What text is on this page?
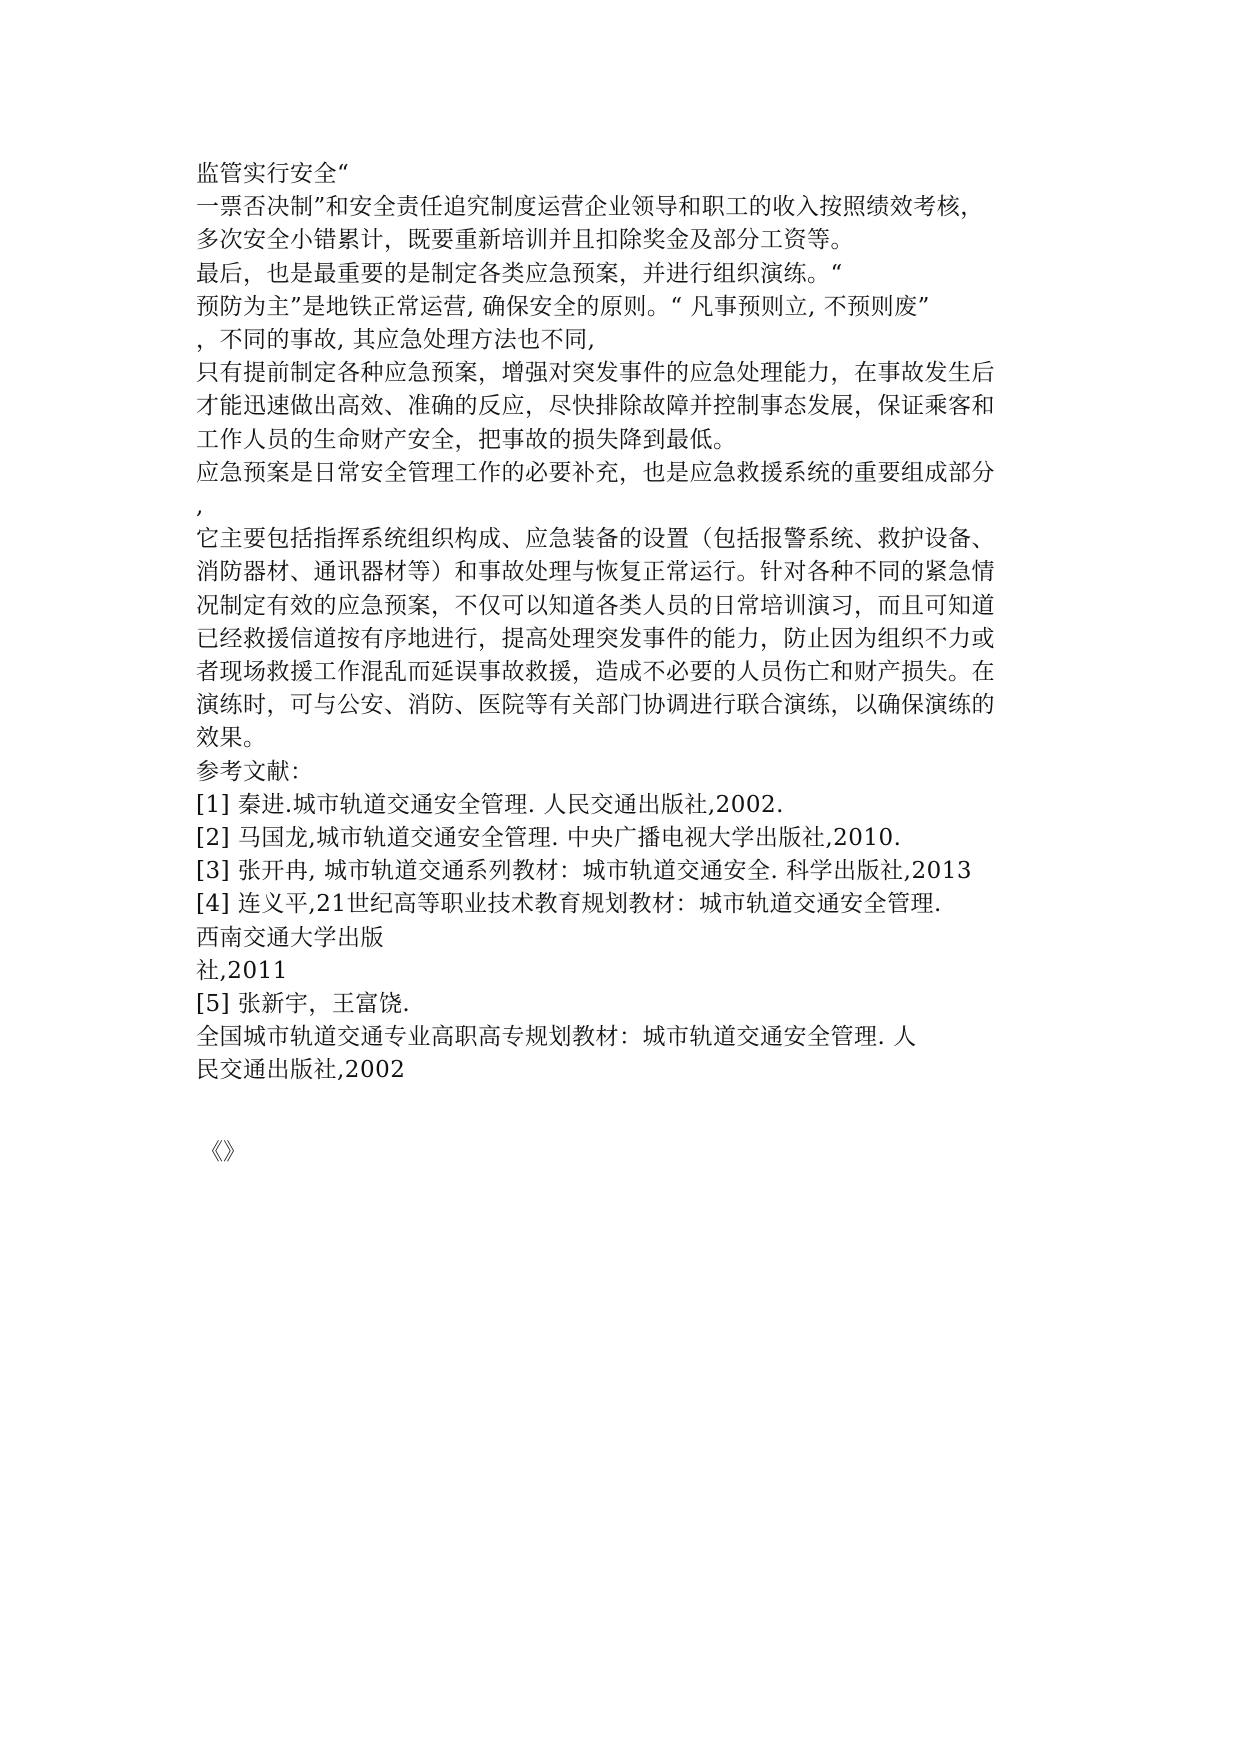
监管实行安全“
一票否决制”和安全责任追究制度运营企业领导和职工的收入按照绩效考核，
多次安全小错累计，既要重新培训并且扣除奖金及部分工资等。
最后，也是最重要的是制定各类应急预案，并进行组织演练。“
预防为主”是地铁正常运营, 确保安全的原则。“ 凡事预则立, 不预则废”
，不同的事故, 其应急处理方法也不同,
只有提前制定各种应急预案，增强对突发事件的应急处理能力，在事故发生后
才能迅速做出高效、准确的反应，尽快排除故障并控制事态发展，保证乘客和
工作人员的生命财产安全，把事故的损失降到最低。
应急预案是日常安全管理工作的必要补充，也是应急救援系统的重要组成部分
,
它主要包括指挥系统组织构成、应急装备的设置（包括报警系统、救护设备、
消防器材、通讯器材等）和事故处理与恢复正常运行。针对各种不同的紧急情
况制定有效的应急预案，不仅可以知道各类人员的日常培训演习，而且可知道
已经救援信道按有序地进行，提高处理突发事件的能力，防止因为组织不力或
者现场救援工作混乱而延误事故救援，造成不必要的人员伤亡和财产损失。在
演练时，可与公安、消防、医院等有关部门协调进行联合演练，以确保演练的
效果。
参考文献：
[1] 秦进.城市轨道交通安全管理. 人民交通出版社,2002.
[2] 马国龙,城市轨道交通安全管理. 中央广播电视大学出版社,2010.
[3] 张开冉, 城市轨道交通系列教材：城市轨道交通安全. 科学出版社,2013
[4] 连义平,21世纪高等职业技术教育规划教材：城市轨道交通安全管理.
西南交通大学出版
社,2011
[5] 张新宇，王富饶.
全国城市轨道交通专业高职高专规划教材：城市轨道交通安全管理. 人
民交通出版社,2002
《》
